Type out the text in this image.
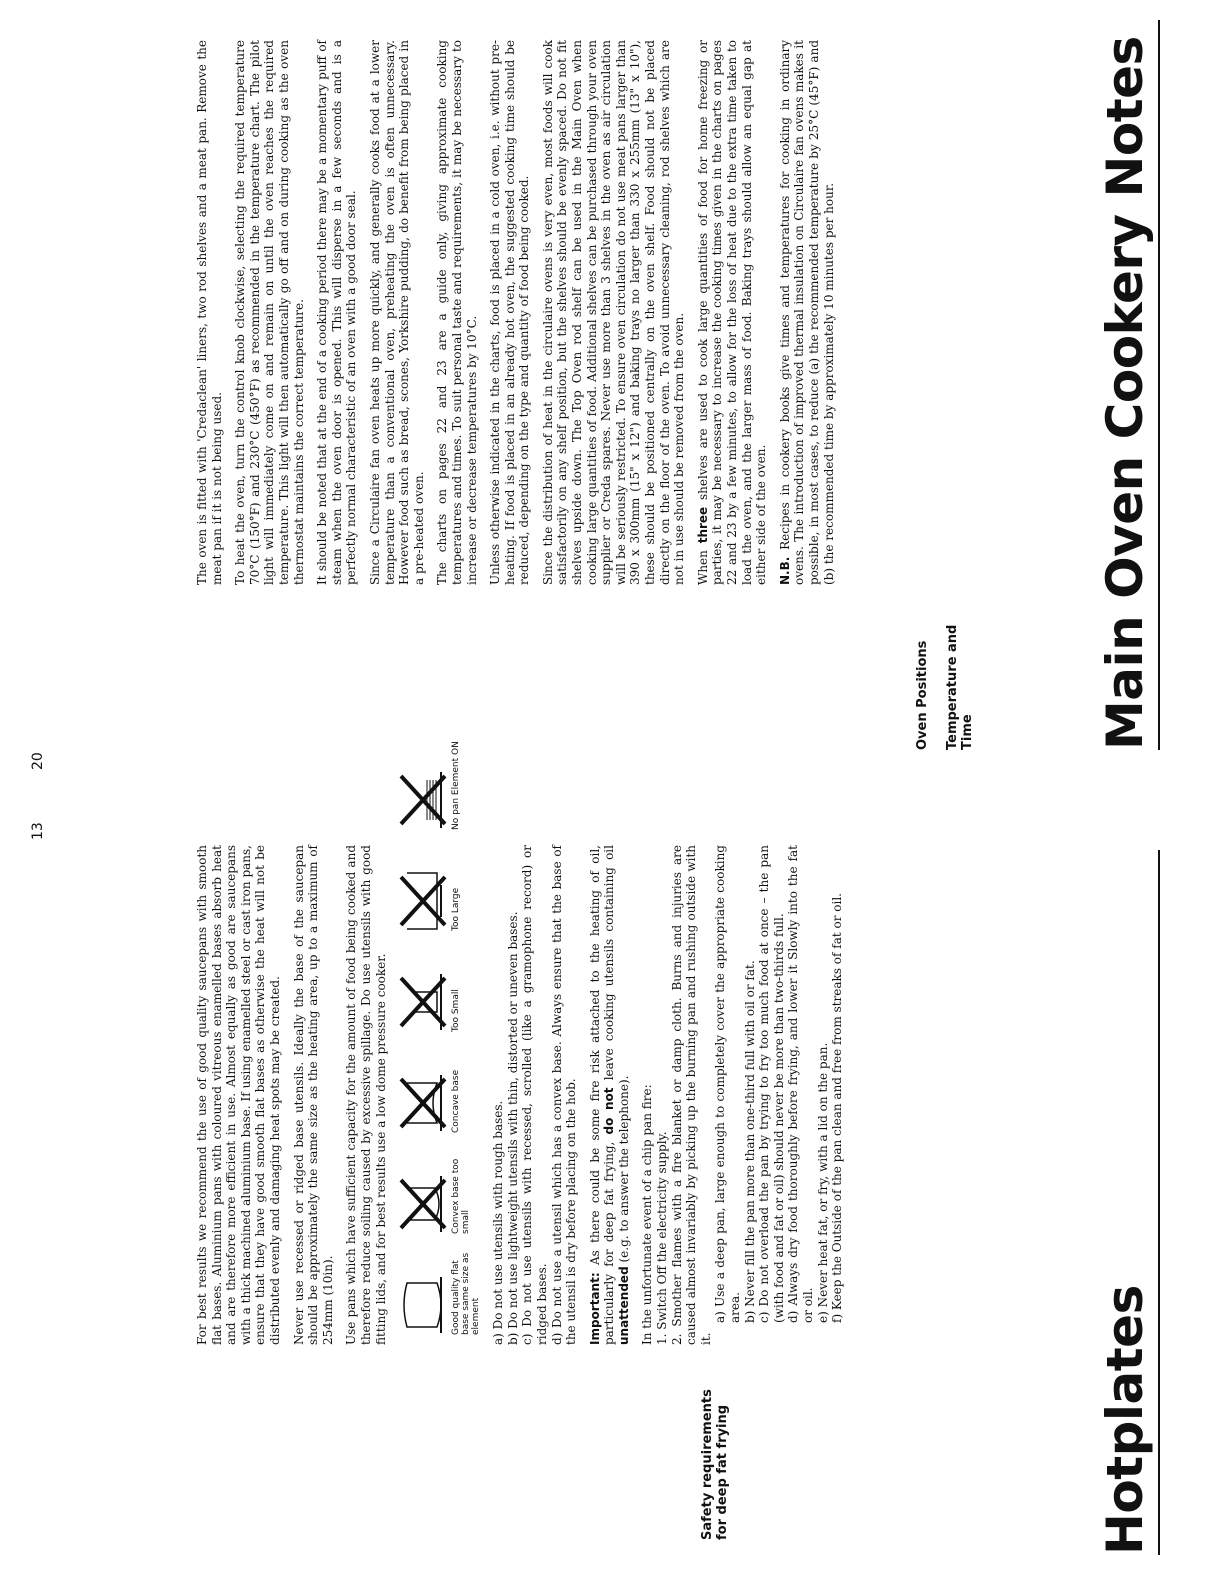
Main Oven Cookery Notes
Oven Positions

The oven is fitted with 'Credaclean' liners, two rod shelves and a meat pan. Remove the meat pan if it is not being used. To heat the oven, turn the control knob clockwise, selecting the required temperature 70°C (150°F) and 230°C (450°F) as recommended in the temperature chart. The pilot light will immediately come on and remain on until the oven reaches the required temperature. This light will then automatically go off and on during cooking as the oven thermostat maintains the correct temperature. It should be noted that at the end of a cooking period there may be a momentary puff of steam when the oven door is opened. This will disperse in a few seconds and is a perfectly normal characteristic of an oven with a good door seal. Since a Circulaire fan oven heats up more quickly, and generally cooks food at a lower temperature than a conventional oven, preheating the oven is often unnecessary. However food such as bread, scones, Yorkshire pudding, do benefit from being placed in a pre-heated oven. The charts on pages 22 and 23 are a guide only, giving approximate cooking temperatures and times. To suit personal taste and requirements, it may be necessary to increase or decrease temperatures by 10°C. Unless otherwise indicated in the charts, food is placed in a cold oven, i.e. without pre-heating. If food is placed in an already hot oven, the suggested cooking time should be reduced, depending on the type and quantity of food being cooked. Since the distribution of heat in the circulaire ovens is very even, most foods will cook satisfactorily on any shelf position, but the shelves should be evenly spaced. Do not fit shelves upside down. The Top Oven rod shelf can be used in the Main Oven when cooking large quantities of food. Additional shelves can be purchased through your oven supplier or Creda spares. Never use more than 3 shelves in the oven as air circulation will be seriously restricted. To ensure oven circulation do not use meat pans larger than 390 x 300mm (15" x 12") and baking trays no larger than 330 x 255mm (13" x 10"), these should be positioned centrally on the oven shelf. Food should not be placed directly on the floor of the oven. To avoid unnecessary cleaning, rod shelves which are not in use should be removed from the oven. When three shelves are used to cook large quantities of food for home freezing or parties, it may be necessary to increase the cooking times given in the charts on pages 22 and 23 by a few minutes, to allow for the loss of heat due to the extra time taken to load the oven, and the larger mass of food. Baking trays should allow an equal gap at either side of the oven. N.B. Recipes in cookery books give times and temperatures for cooking in ordinary ovens. The introduction of improved thermal insulation on Circulaire fan ovens makes it possible, in most cases, to reduce (a) the recommended temperature by 25°C (45°F) and (b) the recommended time by approximately 10 minutes per hour.

Temperature and Time
20
Hotplates

For best results we recommend the use of good quality saucepans with smooth flat bases. Aluminium pans with coloured vitreous enamelled bases absorb heat and are therefore more efficient in use. Almost equally as good are saucepans with a thick machined aluminium base. If using enamelled steel or cast iron pans, ensure that they have good smooth flat bases as otherwise the heat will not be distributed evenly and damaging heat spots may be created. Never use recessed or ridged base utensils. Ideally the base of the saucepan should be approximately the same size as the heating area, up to a maximum of 254mm (10in). Use pans which have sufficient capacity for the amount of food being cooked and therefore reduce soiling caused by excessive spillage. Do use utensils with good fitting lids, and for best results use a low dome pressure cooker.	Good quality flat base same size as element
Convex base too small
Concave base
Too Small
Too Large
No pan Element ON
a) Do not use utensils with rough bases. b) Do not use lightweight utensils with thin, distorted or uneven bases. c) Do not use utensils with recessed, scrolled (like a gramophone record) or ridged bases. d) Do not use a utensil which has a convex base. Always ensure that the base of the utensil is dry before placing on the hob. Important: As there could be some fire risk attached to the heating of oil, particularly for deep fat frying, do not leave cooking utensils containing oil unattended (e.g. to answer the telephone). In the unfortunate event of a chip pan fire: 1. Switch Off the electricity supply. 2. Smother flames with a fire blanket or damp cloth. Burns and injuries are caused almost invariably by picking up the burning pan and rushing outside with it.
a) Use a deep pan, large enough to completely cover the appropriate cooking area. b) Never fill the pan more than one-third full with oil or fat. c) Do not overload the pan by trying to fry too much food at once – the pan (with food and fat or oil) should never be more than two-thirds full. d) Always dry food thoroughly before frying, and lower it Slowly into the fat or oil. e) Never heat fat, or fry, with a lid on the pan. f) Keep the Outside of the pan clean and free from streaks of fat or oil.
Safety requirements for deep fat frying
13
